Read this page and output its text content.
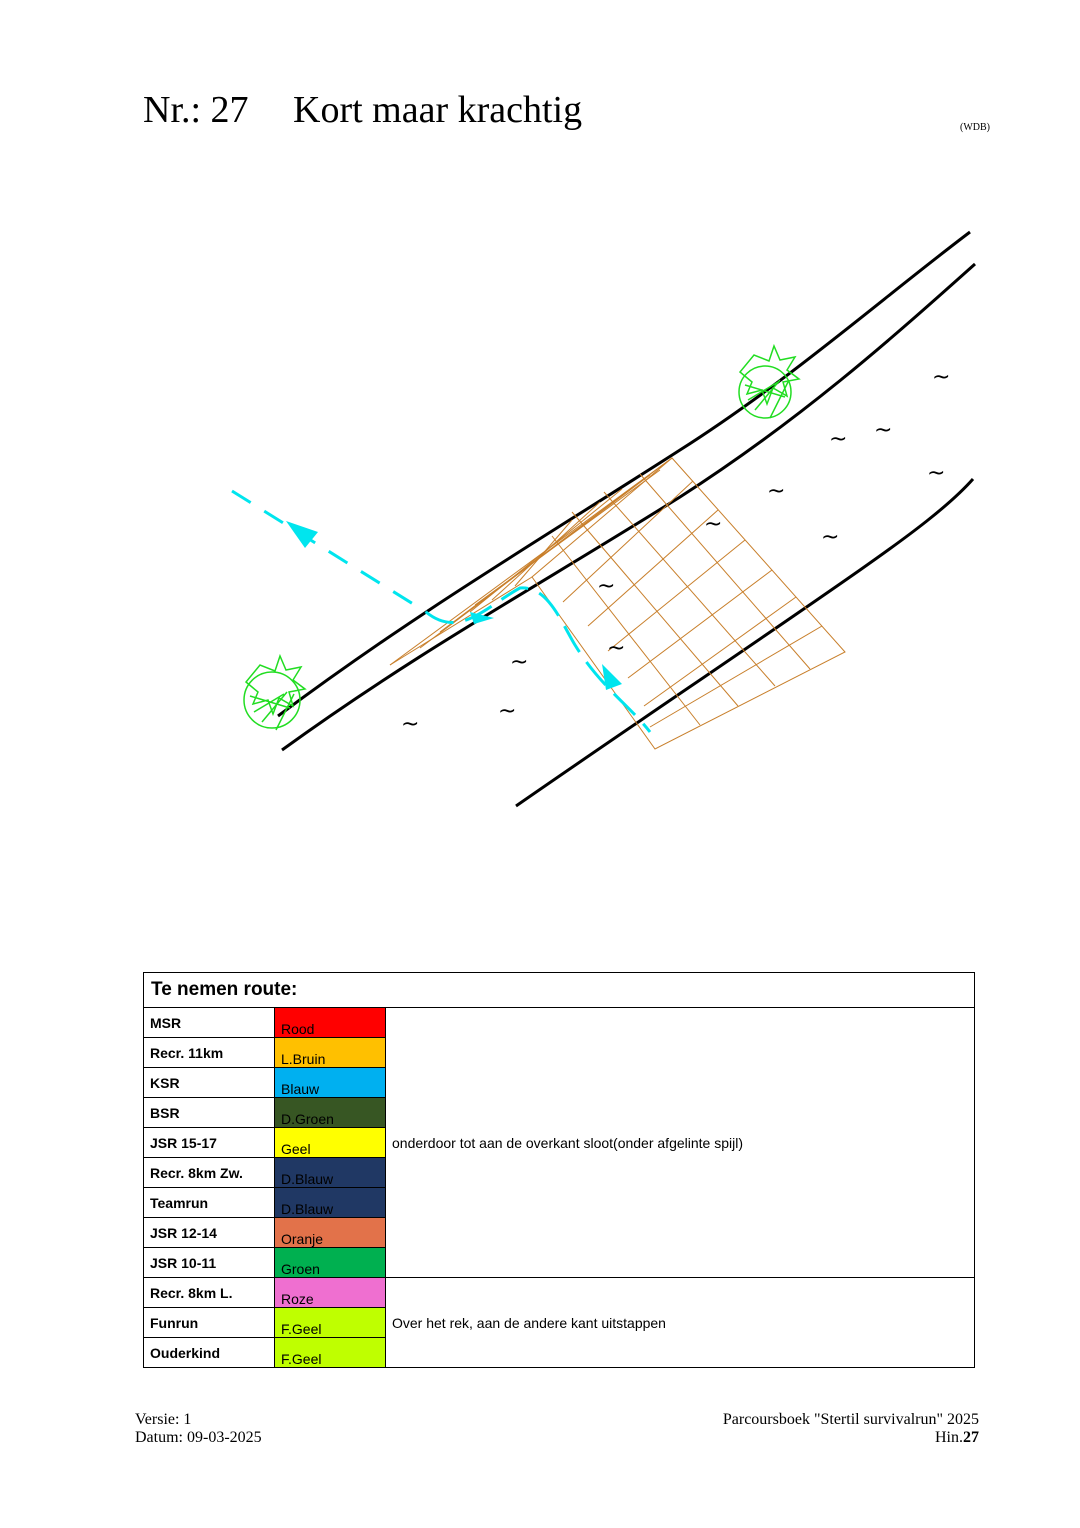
Nr.: 27 Kort maar krachtig	(WDB)
~
~ ~
~
~
~
~
~
~
~
~
~
Te nemen route:		
MSR	Rood	onderdoor tot aan de overkant sloot(onder afgelinte spijl)
Recr. 11km	L.Bruin	
KSR	Blauw	
BSR	D.Groen	
JSR 15-17	Geel	
Recr. 8km Zw.	D.Blauw	
Teamrun	D.Blauw	
JSR 12-14	Oranje	
JSR 10-11	Groen	
Recr. 8km L.	Roze	Over het rek, aan de andere kant uitstappen
Funrun	F.Geel	
Ouderkind	F.Geel	
Versie: 1
Datum: 09-03-2025
Parcoursboek "Stertil survivalrun" 2025
Hin.27
